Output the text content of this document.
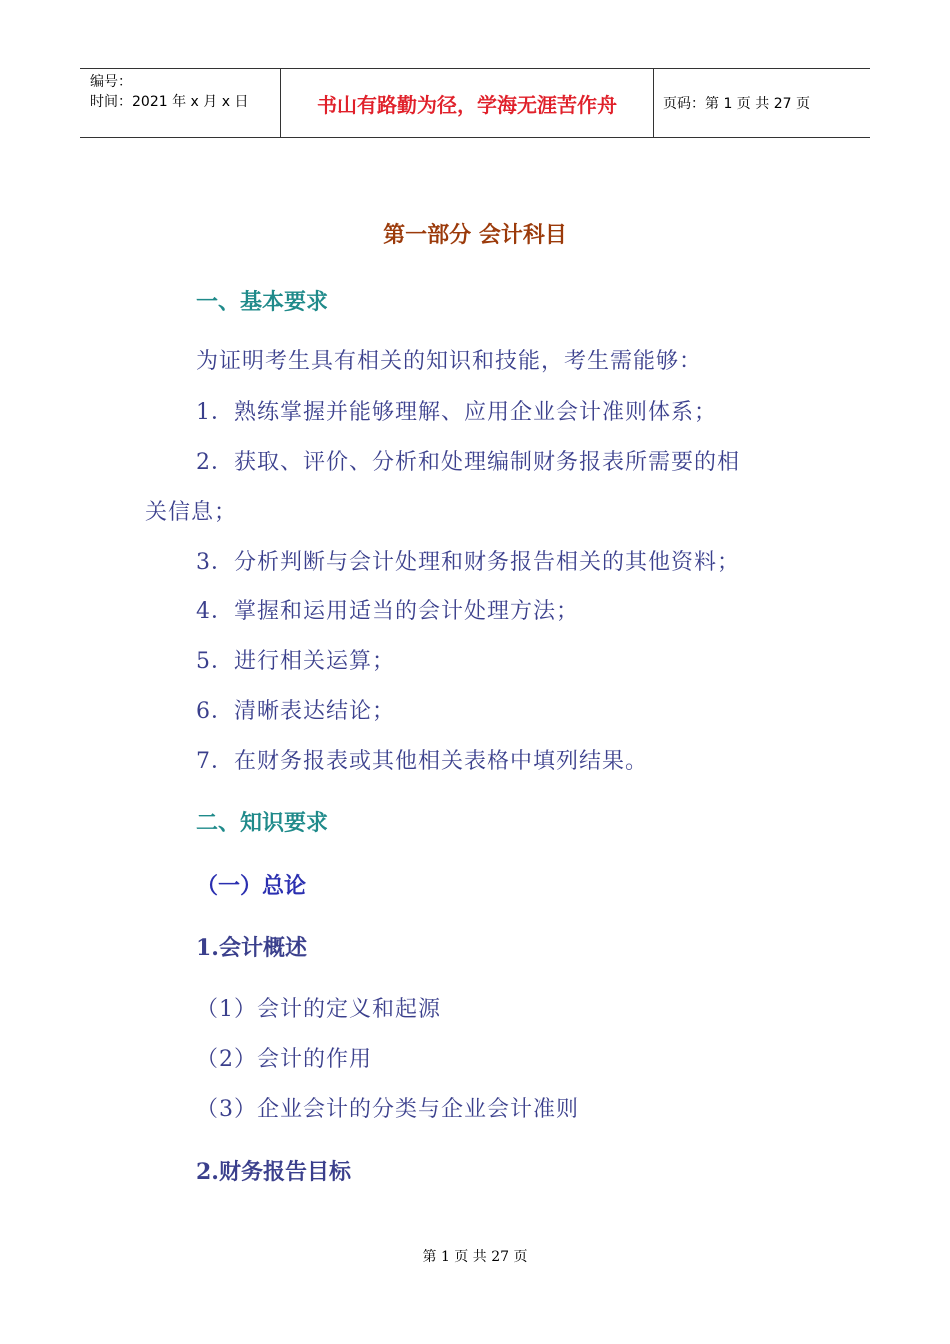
编号：
时间：2021 年 x 月 x 日	书山有路勤为径，学海无涯苦作舟	页码：第 1 页 共 27 页
第一部分 会计科目
一、基本要求
为证明考生具有相关的知识和技能，考生需能够：
1．熟练掌握并能够理解、应用企业会计准则体系；
2．获取、评价、分析和处理编制财务报表所需要的相
关信息；
3．分析判断与会计处理和财务报告相关的其他资料；
4．掌握和运用适当的会计处理方法；
5．进行相关运算；
6．清晰表达结论；
7．在财务报表或其他相关表格中填列结果。
二、知识要求
（一）总论
1.会计概述
（1）会计的定义和起源
（2）会计的作用
（3）企业会计的分类与企业会计准则
2.财务报告目标
第 1 页 共 27 页
